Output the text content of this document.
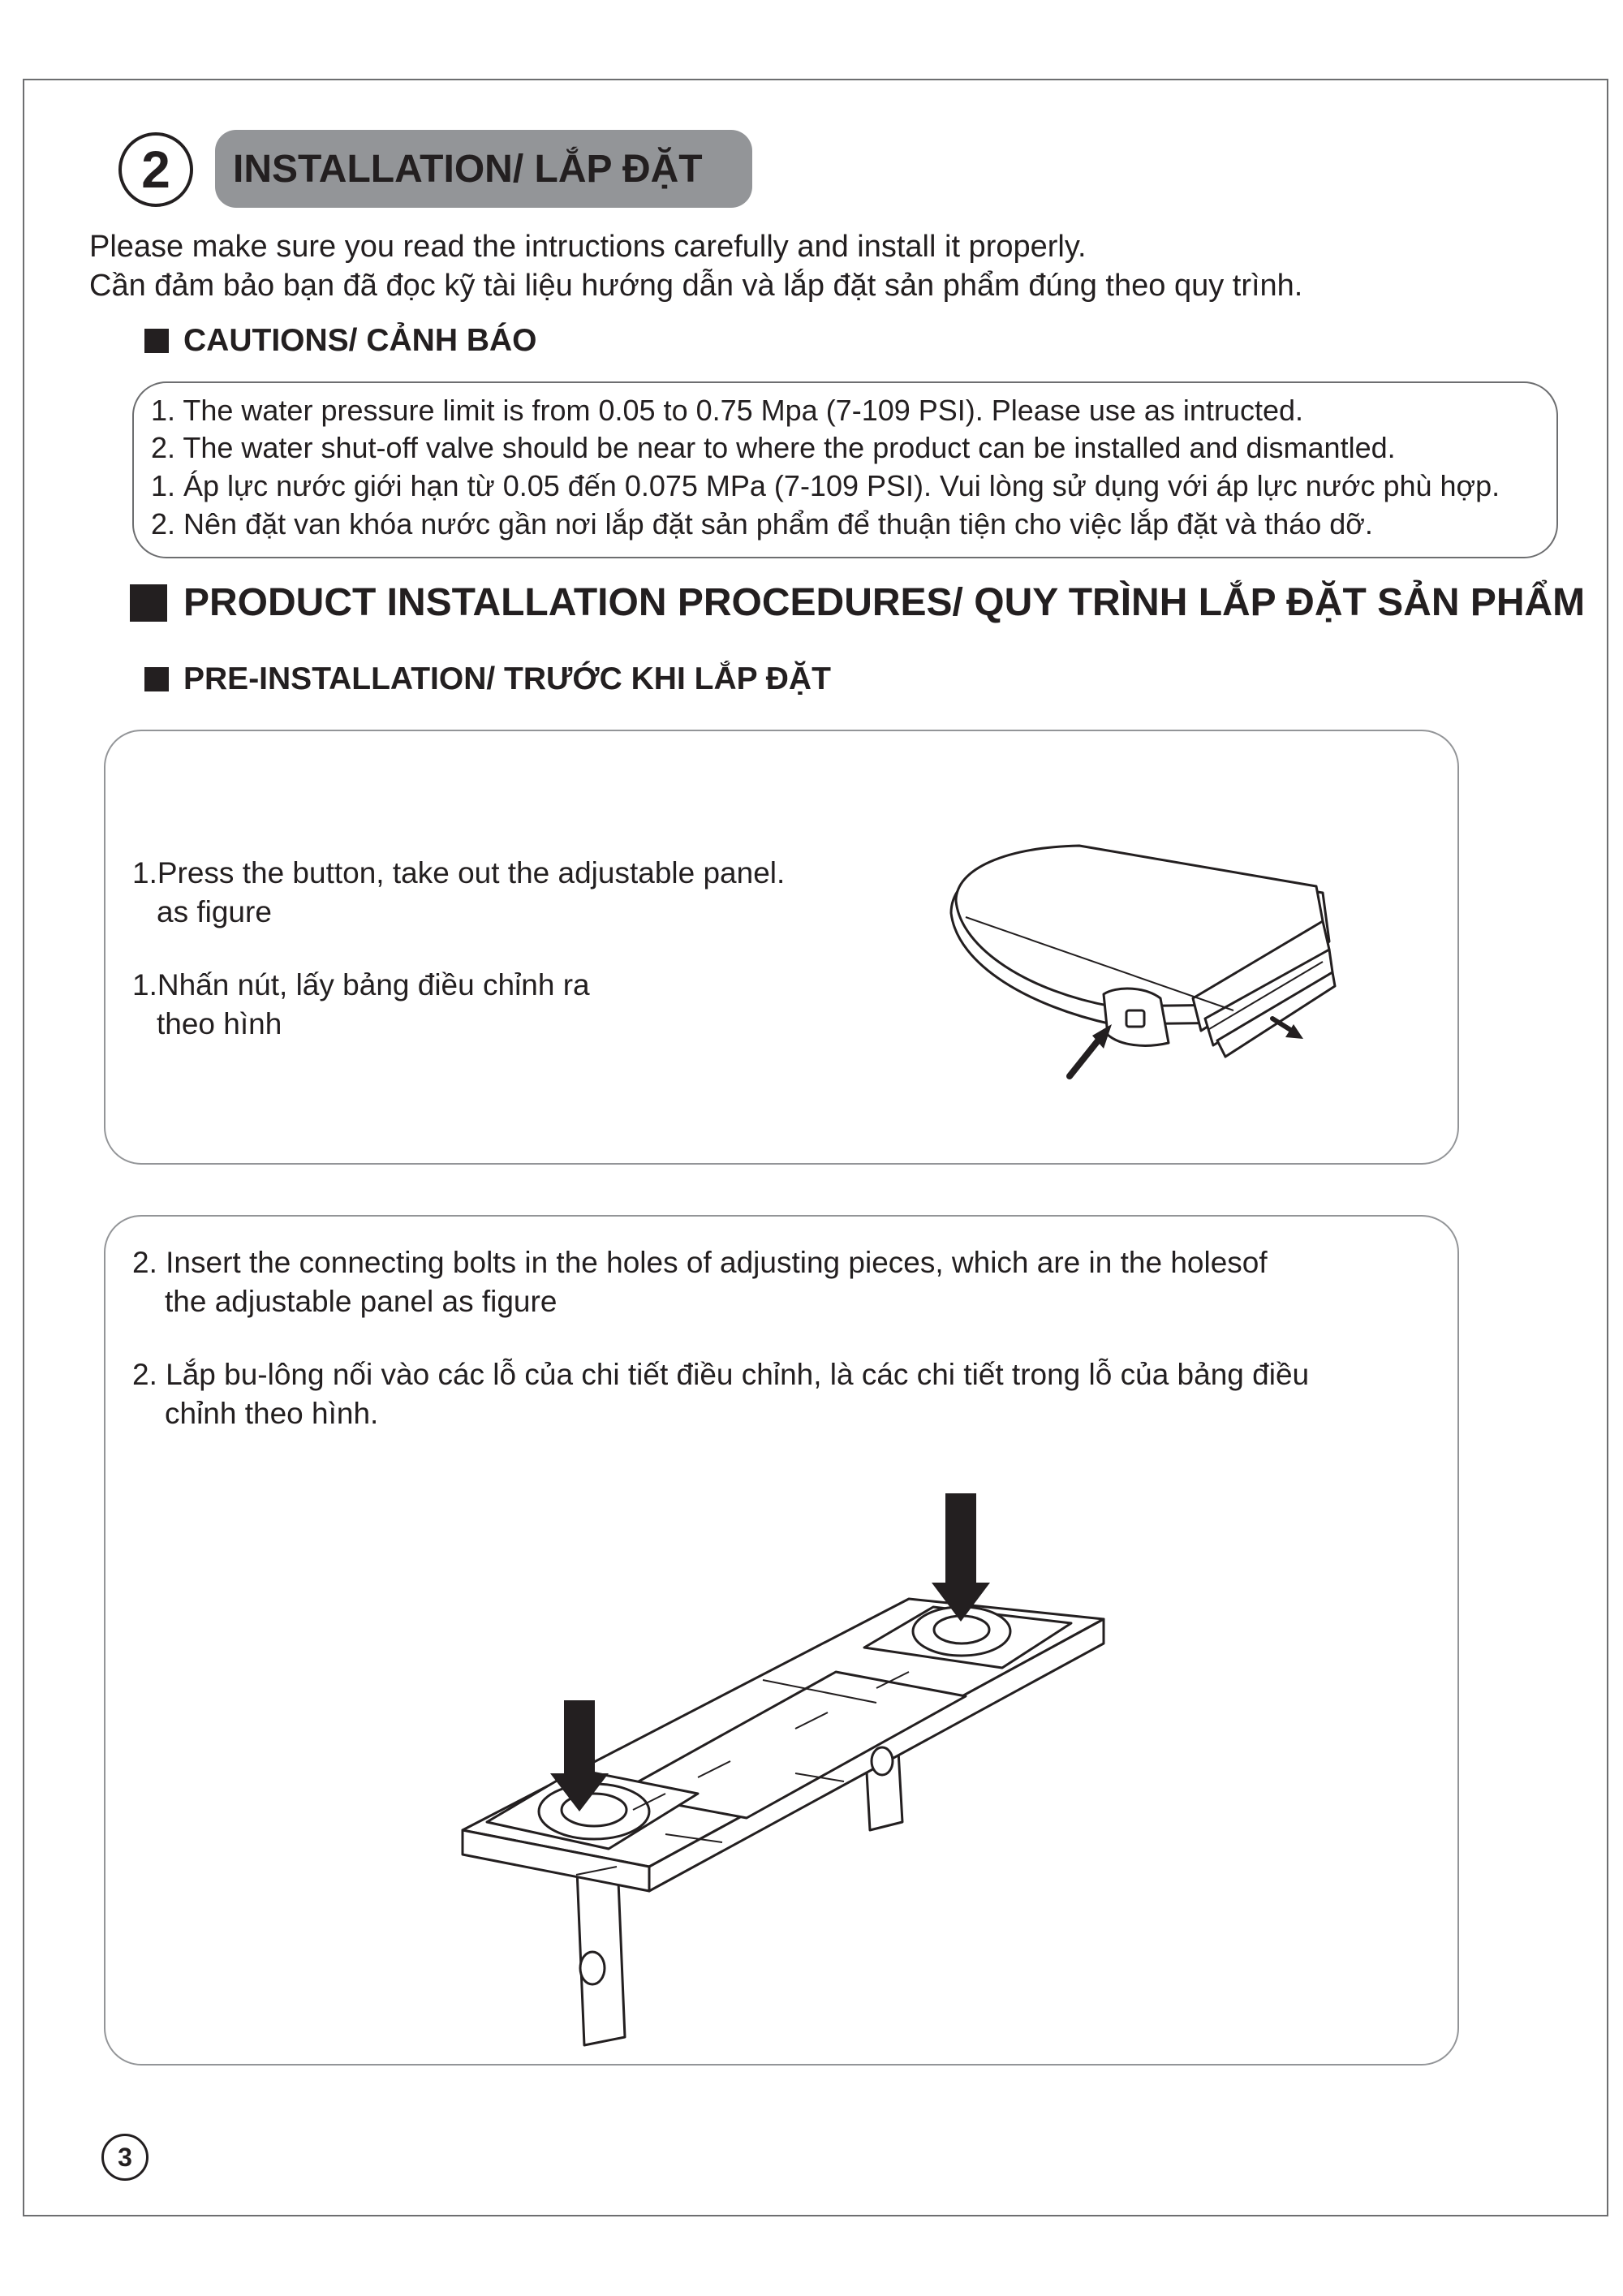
2	INSTALLATION/ LẮP ĐẶT
Please make sure you read the intructions carefully and install it properly.
Cần đảm bảo bạn đã đọc kỹ tài liệu hướng dẫn và lắp đặt sản phẩm đúng theo quy trình.
CAUTIONS/ CẢNH BÁO
1. The water pressure limit is from 0.05 to 0.75 Mpa (7-109 PSI). Please use as intructed.
2. The water shut-off valve should be near to where the product can be installed and dismantled.
1. Áp lực nước giới hạn từ 0.05 đến 0.075 MPa (7-109 PSI). Vui lòng sử dụng với áp lực nước phù hợp.
2. Nên đặt van khóa nước gần nơi lắp đặt sản phẩm để thuận tiện cho việc lắp đặt và tháo dỡ.
PRODUCT INSTALLATION PROCEDURES/ QUY TRÌNH LẮP ĐẶT SẢN PHẨM
PRE-INSTALLATION/ TRƯỚC KHI LẮP ĐẶT
1.Press the button, take out the adjustable panel.
as figure
1.Nhấn nút, lấy bảng điều chỉnh ra
theo hình
2. Insert the connecting bolts in the holes of adjusting pieces, which are in the holesof
the adjustable panel as figure
2. Lắp bu-lông nối vào các lỗ của chi tiết điều chỉnh, là các chi tiết trong lỗ của bảng điều
chỉnh theo hình.
3
